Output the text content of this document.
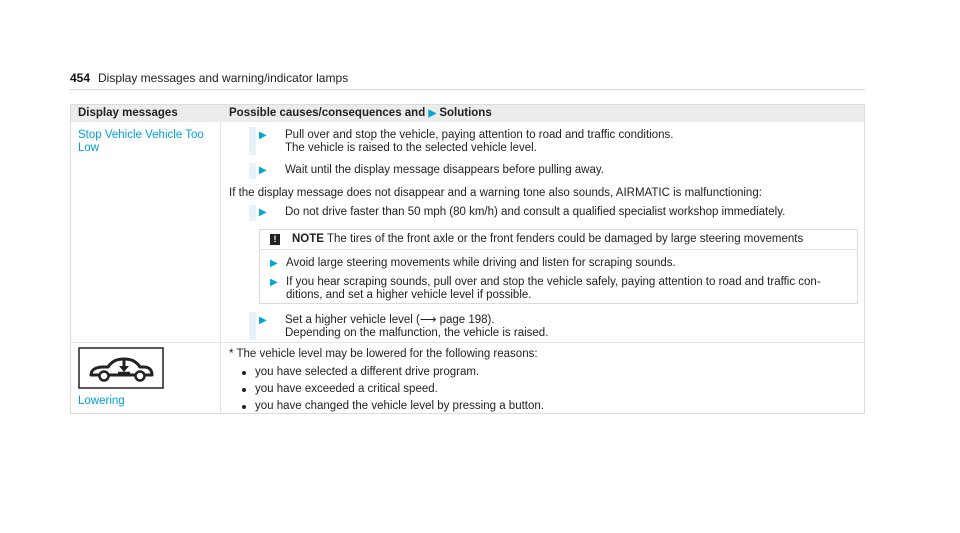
454 Display messages and warning/indicator lamps
Display messages	Possible causes/consequences and ▶ Solutions
Stop Vehicle Vehicle Too
Low
▶ Pull over and stop the vehicle, paying attention to road and traffic conditions.
The vehicle is raised to the selected vehicle level.
▶ Wait until the display message disappears before pulling away.
If the display message does not disappear and a warning tone also sounds, AIRMATIC is malfunctioning:
▶ Do not drive faster than 50 mph (80 km/h) and consult a qualified specialist workshop immediately.
!	NOTE The tires of the front axle or the front fenders could be damaged by large steering movements
▶ Avoid large steering movements while driving and listen for scraping sounds.
▶ If you hear scraping sounds, pull over and stop the vehicle safely, paying attention to road and traffic con-
ditions, and set a higher vehicle level if possible.
▶ Set a higher vehicle level (⟶ page 198).
Depending on the malfunction, the vehicle is raised.
Lowering
* The vehicle level may be lowered for the following reasons:
you have selected a different drive program.
you have exceeded a critical speed.
you have changed the vehicle level by pressing a button.
